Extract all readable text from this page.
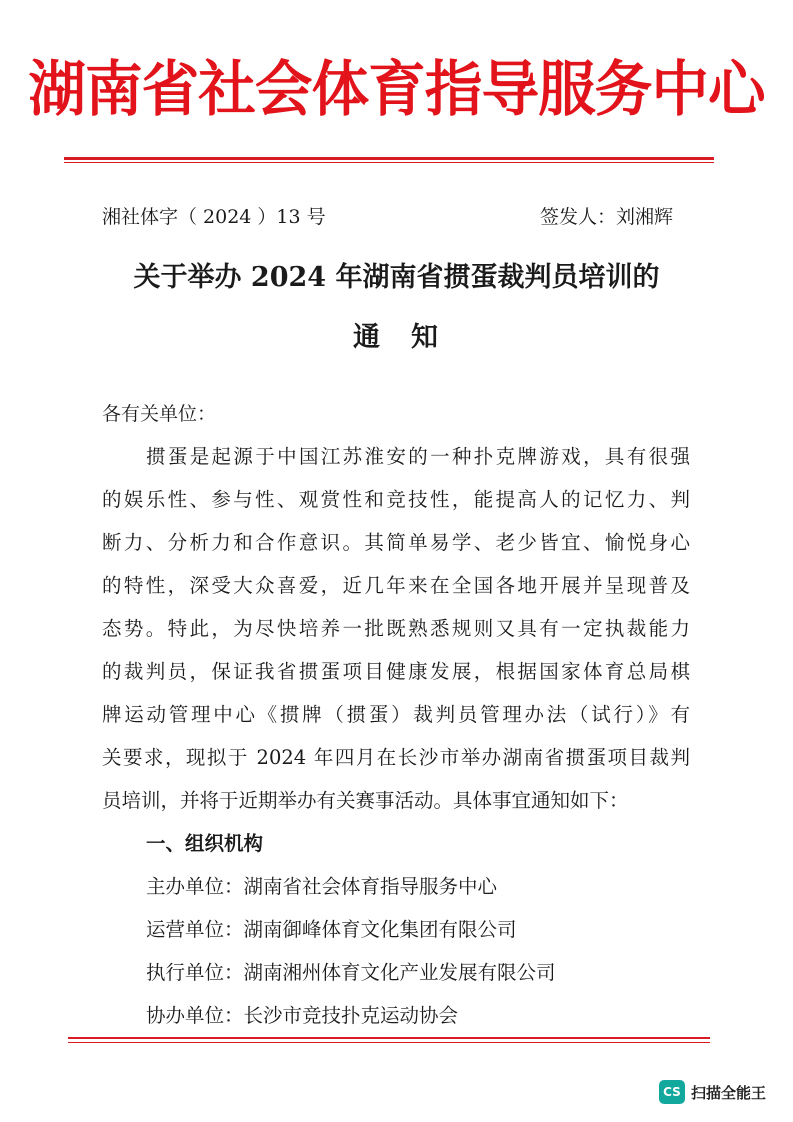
湖南省社会体育指导服务中心
湘社体字（ 2024 ）13 号	签发人：刘湘辉
关于举办 2024 年湖南省掼蛋裁判员培训的
通　知
各有关单位：
掼蛋是起源于中国江苏淮安的一种扑克牌游戏，具有很强
的娱乐性、参与性、观赏性和竞技性，能提高人的记忆力、判
断力、分析力和合作意识。其简单易学、老少皆宜、愉悦身心
的特性，深受大众喜爱，近几年来在全国各地开展并呈现普及
态势。特此，为尽快培养一批既熟悉规则又具有一定执裁能力
的裁判员，保证我省掼蛋项目健康发展，根据国家体育总局棋
牌运动管理中心《掼牌（掼蛋）裁判员管理办法（试行）》有
关要求，现拟于 2024 年四月在长沙市举办湖南省掼蛋项目裁判
员培训，并将于近期举办有关赛事活动。具体事宜通知如下：
一、组织机构
主办单位：湖南省社会体育指导服务中心
运营单位：湖南御峰体育文化集团有限公司
执行单位：湖南湘州体育文化产业发展有限公司
协办单位：长沙市竞技扑克运动协会
CS 扫描全能王
